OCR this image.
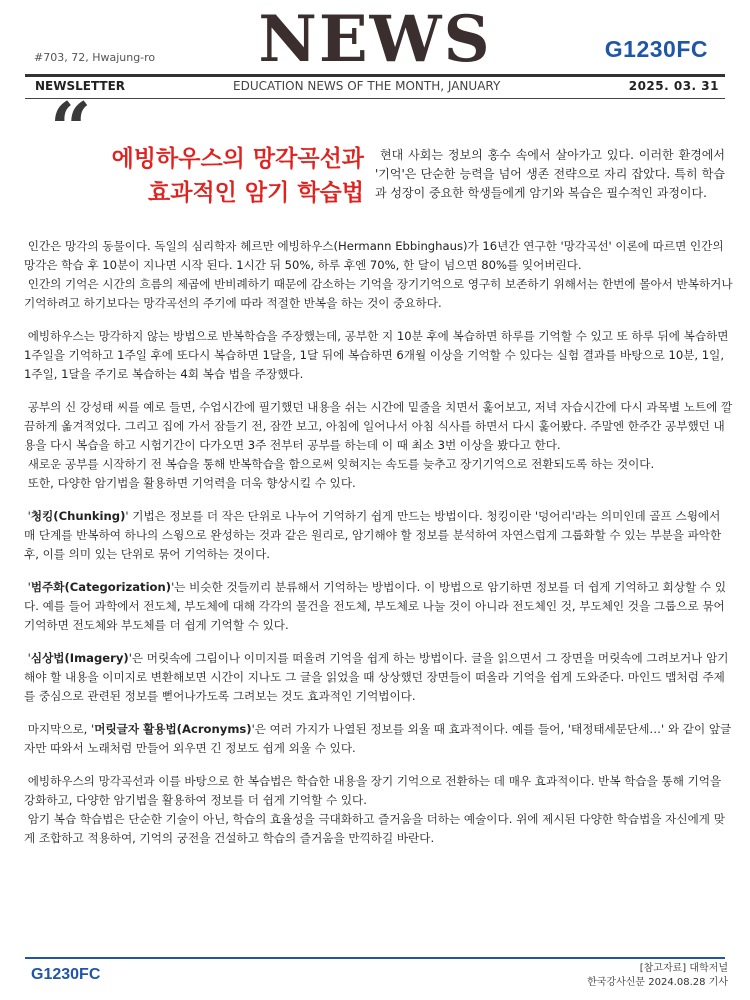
#703, 72, Hwajung-ro	NEWS	G1230FC
NEWSLETTER	EDUCATION NEWS OF THE MONTH, JANUARY	2025. 03. 31
“ 에빙하우스의 망각곡선과
효과적인 암기 학습법
현대 사회는 정보의 홍수 속에서 살아가고 있다. 이러한 환경에서 '기억'은 단순한 능력을 넘어 생존 전략으로 자리 잡았다. 특히 학습과 성장이 중요한 학생들에게 암기와 복습은 필수적인 과정이다.

인간은 망각의 동물이다. 독일의 심리학자 헤르만 에빙하우스(Hermann Ebbinghaus)가 16년간 연구한 '망각곡선' 이론에 따르면 인간의 망각은 학습 후 10분이 지나면 시작 된다. 1시간 뒤 50%, 하루 후엔 70%, 한 달이 넘으면 80%를 잊어버린다.

인간의 기억은 시간의 흐름의 제곱에 반비례하기 때문에 감소하는 기억을 장기기억으로 영구히 보존하기 위해서는 한번에 몰아서 반복하거나 기억하려고 하기보다는 망각곡선의 주기에 따라 적절한 반복을 하는 것이 중요하다.

에빙하우스는 망각하지 않는 방법으로 반복학습을 주장했는데, 공부한 지 10분 후에 복습하면 하루를 기억할 수 있고 또 하루 뒤에 복습하면 1주일을 기억하고 1주일 후에 또다시 복습하면 1달을, 1달 뒤에 복습하면 6개월 이상을 기억할 수 있다는 실험 결과를 바탕으로 10분, 1일, 1주일, 1달을 주기로 복습하는 4회 복습 법을 주장했다.

공부의 신 강성태 씨를 예로 들면, 수업시간에 필기했던 내용을 쉬는 시간에 밑줄을 치면서 훑어보고, 저녁 자습시간에 다시 과목별 노트에 깔끔하게 옮겨적었다. 그리고 집에 가서 잠들기 전, 잠깐 보고, 아침에 일어나서 아침 식사를 하면서 다시 훑어봤다. 주말엔 한주간 공부했던 내용을 다시 복습을 하고 시험기간이 다가오면 3주 전부터 공부를 하는데 이 때 최소 3번 이상을 봤다고 한다.

새로운 공부를 시작하기 전 복습을 통해 반복학습을 함으로써 잊혀지는 속도를 늦추고 장기기억으로 전환되도록 하는 것이다.

또한, 다양한 암기법을 활용하면 기억력을 더욱 향상시킬 수 있다.

'청킹(Chunking)' 기법은 정보를 더 작은 단위로 나누어 기억하기 쉽게 만드는 방법이다. 청킹이란 '덩어리'라는 의미인데 골프 스윙에서 매 단계를 반복하여 하나의 스윙으로 완성하는 것과 같은 원리로, 암기해야 할 정보를 분석하여 자연스럽게 그룹화할 수 있는 부분을 파악한 후, 이를 의미 있는 단위로 묶어 기억하는 것이다.

'범주화(Categorization)'는 비슷한 것들끼리 분류해서 기억하는 방법이다. 이 방법으로 암기하면 정보를 더 쉽게 기억하고 회상할 수 있다. 예를 들어 과학에서 전도체, 부도체에 대해 각각의 물건을 전도체, 부도체로 나눌 것이 아니라 전도체인 것, 부도체인 것을 그룹으로 묶어 기억하면 전도체와 부도체를 더 쉽게 기억할 수 있다.

'심상법(Imagery)'은 머릿속에 그림이나 이미지를 떠올려 기억을 쉽게 하는 방법이다. 글을 읽으면서 그 장면을 머릿속에 그려보거나 암기해야 할 내용을 이미지로 변환해보면 시간이 지나도 그 글을 읽었을 때 상상했던 장면들이 떠올라 기억을 쉽게 도와준다. 마인드 맵처럼 주제를 중심으로 관련된 정보를 뻗어나가도록 그려보는 것도 효과적인 기억법이다.

마지막으로, '머릿글자 활용법(Acronyms)'은 여러 가지가 나열된 정보를 외울 때 효과적이다. 예를 들어, '태정태세문단세…' 와 같이 앞글자만 따와서 노래처럼 만들어 외우면 긴 정보도 쉽게 외울 수 있다.

에빙하우스의 망각곡선과 이를 바탕으로 한 복습법은 학습한 내용을 장기 기억으로 전환하는 데 매우 효과적이다. 반복 학습을 통해 기억을 강화하고, 다양한 암기법을 활용하여 정보를 더 쉽게 기억할 수 있다.

암기 복습 학습법은 단순한 기술이 아닌, 학습의 효율성을 극대화하고 즐거움을 더하는 예술이다. 위에 제시된 다양한 학습법을 자신에게 맞게 조합하고 적용하여, 기억의 궁전을 건설하고 학습의 즐거움을 만끽하길 바란다.

G1230FC	[참고자료] 대학저널
한국강사신문 2024.08.28 기사
